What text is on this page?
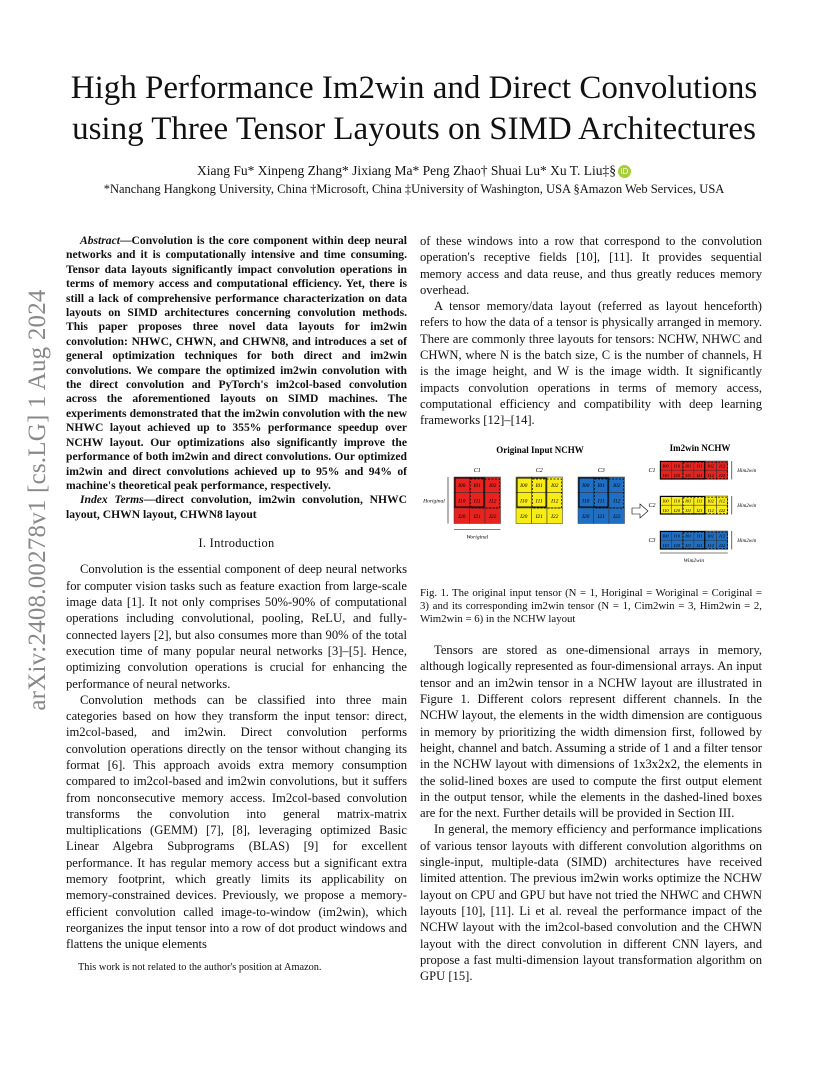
arXiv:2408.00278v1 [cs.LG] 1 Aug 2024
High Performance Im2win and Direct Convolutions using Three Tensor Layouts on SIMD Architectures
Xiang Fu* Xinpeng Zhang* Jixiang Ma* Peng Zhao† Shuai Lu* Xu T. Liu‡§ iD
*Nanchang Hangkong University, China †Microsoft, China ‡University of Washington, USA §Amazon Web Services, USA

Abstract—Convolution is the core component within deep neural networks and it is computationally intensive and time consuming. Tensor data layouts significantly impact convolution operations in terms of memory access and computational efficiency. Yet, there is still a lack of comprehensive performance characterization on data layouts on SIMD architectures concerning convolution methods. This paper proposes three novel data layouts for im2win convolution: NHWC, CHWN, and CHWN8, and introduces a set of general optimization techniques for both direct and im2win convolutions. We compare the optimized im2win convolution with the direct convolution and PyTorch's im2col-based convolution across the aforementioned layouts on SIMD machines. The experiments demonstrated that the im2win convolution with the new NHWC layout achieved up to 355% performance speedup over NCHW layout. Our optimizations also significantly improve the performance of both im2win and direct convolutions. Our optimized im2win and direct convolutions achieved up to 95% and 94% of machine's theoretical peak performance, respectively.

Index Terms—direct convolution, im2win convolution, NHWC layout, CHWN layout, CHWN8 layout

I. Introduction

Convolution is the essential component of deep neural networks for computer vision tasks such as feature exaction from large-scale image data [1]. It not only comprises 50%-90% of computational operations including convolutional, pooling, ReLU, and fully-connected layers [2], but also consumes more than 90% of the total execution time of many popular neural networks [3]–[5]. Hence, optimizing convolution operations is crucial for enhancing the performance of neural networks.

Convolution methods can be classified into three main categories based on how they transform the input tensor: direct, im2col-based, and im2win. Direct convolution performs convolution operations directly on the tensor without changing its format [6]. This approach avoids extra memory consumption compared to im2col-based and im2win convolutions, but it suffers from nonconsecutive memory access. Im2col-based convolution transforms the convolution into general matrix-matrix multiplications (GEMM) [7], [8], leveraging optimized Basic Linear Algebra Subprograms (BLAS) [9] for excellent performance. It has regular memory access but a significant extra memory footprint, which greatly limits its applicability on memory-constrained devices. Previously, we propose a memory-efficient convolution called image-to-window (im2win), which reorganizes the input tensor into a row of dot product windows and flattens the unique elements

This work is not related to the author's position at Amazon.

of these windows into a row that correspond to the convolution operation's receptive fields [10], [11]. It provides sequential memory access and data reuse, and thus greatly reduces memory overhead.

A tensor memory/data layout (referred as layout henceforth) refers to how the data of a tensor is physically arranged in memory. There are commonly three layouts for tensors: NCHW, NHWC and CHWN, where N is the batch size, C is the number of channels, H is the image height, and W is the image width. It significantly impacts convolution operations in terms of memory access, computational efficiency and compatibility with deep learning frameworks [12]–[14].

Original Input NCHW	Im2win NCHW
C1
I00 I01 I02
I10 I11 I12
I20 I21 I22
C2
I00 I01 I02
I10 I11 I12
I20 I21 I22
C3
I00 I01 I02
I10 I11 I12
I20 I21 I22
Horiginal
Woriginal
C1
I00 I10 I01 I11 I02 I12
I10 I20 I11 I21 I12 I22
Him2win
C2
I00 I10 I01 I11 I02 I12
I10 I20 I11 I21 I12 I22
Him2win
C3
I00 I10 I01 I11 I02 I12
I10 I20 I11 I21 I12 I22
Him2win
Wim2win

Fig. 1. The original input tensor (N = 1, Horiginal = Woriginal = Coriginal = 3) and its corresponding im2win tensor (N = 1, Cim2win = 3, Him2win = 2, Wim2win = 6) in the NCHW layout

Tensors are stored as one-dimensional arrays in memory, although logically represented as four-dimensional arrays. An input tensor and an im2win tensor in a NCHW layout are illustrated in Figure 1. Different colors represent different channels. In the NCHW layout, the elements in the width dimension are contiguous in memory by prioritizing the width dimension first, followed by height, channel and batch. Assuming a stride of 1 and a filter tensor in the NCHW layout with dimensions of 1x3x2x2, the elements in the solid-lined boxes are used to compute the first output element in the output tensor, while the elements in the dashed-lined boxes are for the next. Further details will be provided in Section III.

In general, the memory efficiency and performance implications of various tensor layouts with different convolution algorithms on single-input, multiple-data (SIMD) architectures have received limited attention. The previous im2win works optimize the NCHW layout on CPU and GPU but have not tried the NHWC and CHWN layouts [10], [11]. Li et al. reveal the performance impact of the NCHW layout with the im2col-based convolution and the CHWN layout with the direct convolution in different CNN layers, and propose a fast multi-dimension layout transformation algorithm on GPU [15].
